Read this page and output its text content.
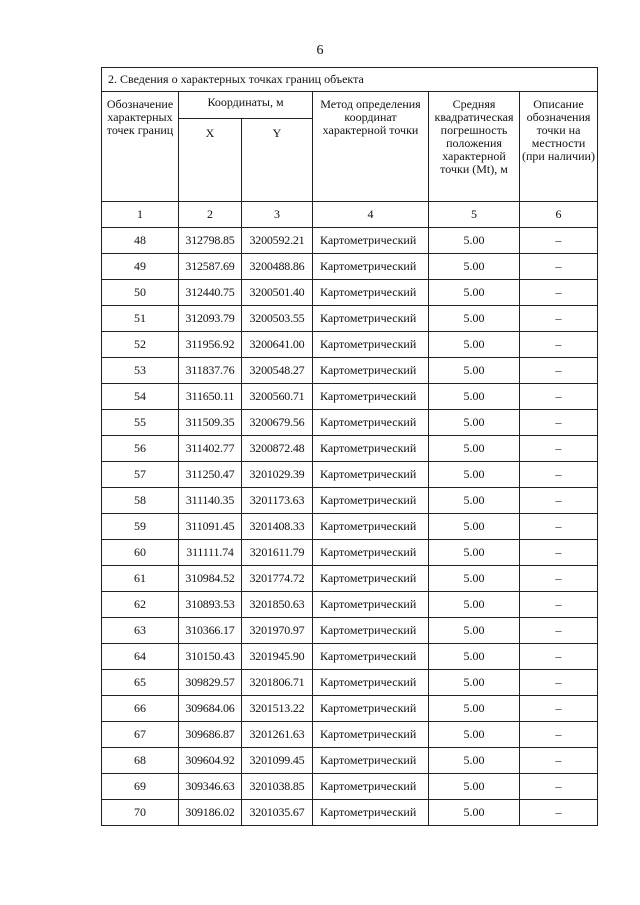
6
2. Сведения о характерных точках границ объекта					
Обозначение характерных точек границ	Координаты, м		Метод определения координат характерной точки	Средняя квадратическая погрешность положения характерной точки (Mt), м	Описание обозначения точки на местности (при наличии)
	X	Y			
1	2	3	4	5	6
48	312798.85	3200592.21	Картометрический	5.00	–
49	312587.69	3200488.86	Картометрический	5.00	–
50	312440.75	3200501.40	Картометрический	5.00	–
51	312093.79	3200503.55	Картометрический	5.00	–
52	311956.92	3200641.00	Картометрический	5.00	–
53	311837.76	3200548.27	Картометрический	5.00	–
54	311650.11	3200560.71	Картометрический	5.00	–
55	311509.35	3200679.56	Картометрический	5.00	–
56	311402.77	3200872.48	Картометрический	5.00	–
57	311250.47	3201029.39	Картометрический	5.00	–
58	311140.35	3201173.63	Картометрический	5.00	–
59	311091.45	3201408.33	Картометрический	5.00	–
60	311111.74	3201611.79	Картометрический	5.00	–
61	310984.52	3201774.72	Картометрический	5.00	–
62	310893.53	3201850.63	Картометрический	5.00	–
63	310366.17	3201970.97	Картометрический	5.00	–
64	310150.43	3201945.90	Картометрический	5.00	–
65	309829.57	3201806.71	Картометрический	5.00	–
66	309684.06	3201513.22	Картометрический	5.00	–
67	309686.87	3201261.63	Картометрический	5.00	–
68	309604.92	3201099.45	Картометрический	5.00	–
69	309346.63	3201038.85	Картометрический	5.00	–
70	309186.02	3201035.67	Картометрический	5.00	–
